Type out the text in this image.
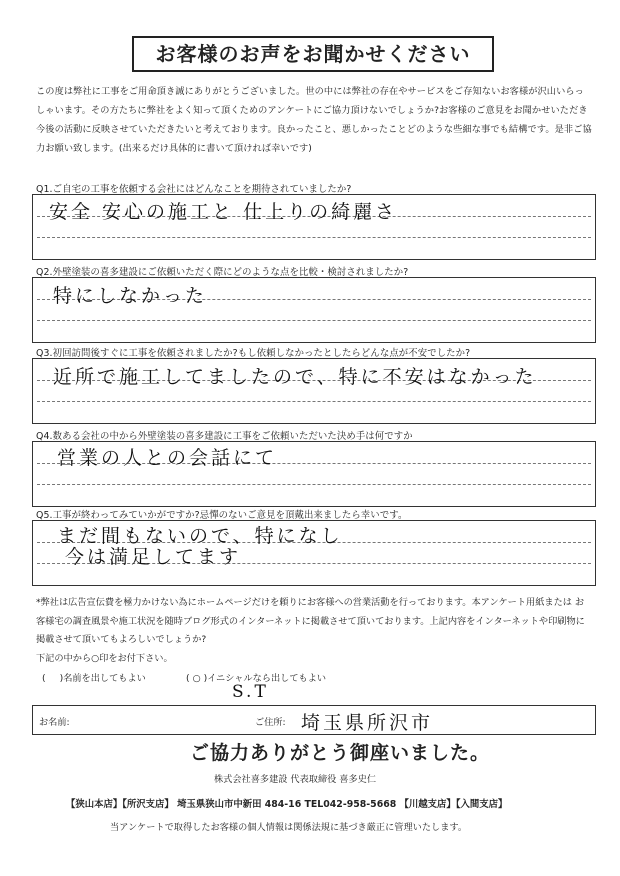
お客様のお声をお聞かせください
この度は弊社に工事をご用命頂き誠にありがとうございました。世の中には弊社の存在やサービスをご存知ないお客様が沢山いらっしゃいます。その方たちに弊社をよく知って頂くためのアンケートにご協力頂けないでしょうか?お客様のご意見をお聞かせいただき今後の活動に反映させていただきたいと考えております。良かったこと、悪しかったことどのような些細な事でも結構です。是非ご協力お願い致します。(出来るだけ具体的に書いて頂ければ幸いです)
Q1.ご自宅の工事を依頼する会社にはどんなことを期待されていましたか?
安全 安心の施工と 仕上りの綺麗さ
Q2.外壁塗装の喜多建設にご依頼いただく際にどのような点を比較・検討されましたか?
特にしなかった
Q3.初回訪問後すぐに工事を依頼されましたか?もし依頼しなかったとしたらどんな点が不安でしたか?
近所で施工してましたので、特に不安はなかった
Q4.数ある会社の中から外壁塗装の喜多建設に工事をご依頼いただいた決め手は何ですか
営業の人との会話にて
Q5.工事が終わってみていかがですか?忌憚のないご意見を頂戴出来ましたら幸いです。
まだ間もないので、特になし
今は満足してます
*弊社は広告宣伝費を極力かけない為にホームページだけを頼りにお客様への営業活動を行っております。本アンケート用紙または お客様宅の調査風景や施工状況を随時ブログ形式のインターネットに掲載させて頂いております。上記内容をインターネットや印刷物に掲載させて頂いてもよろしいでしょうか?
下記の中から○印をお付下さい。
( )名前を出してもよい	( ○ )イニシャルなら出してもよい
S.T
お名前:	ご住所: 埼玉県所沢市
ご協力ありがとう御座いました。
株式会社喜多建設 代表取締役 喜多史仁
【狭山本店】【所沢支店】 埼玉県狭山市中新田 484-16 TEL042-958-5668 【川越支店】【入間支店】
当アンケートで取得したお客様の個人情報は関係法規に基づき厳正に管理いたします。
